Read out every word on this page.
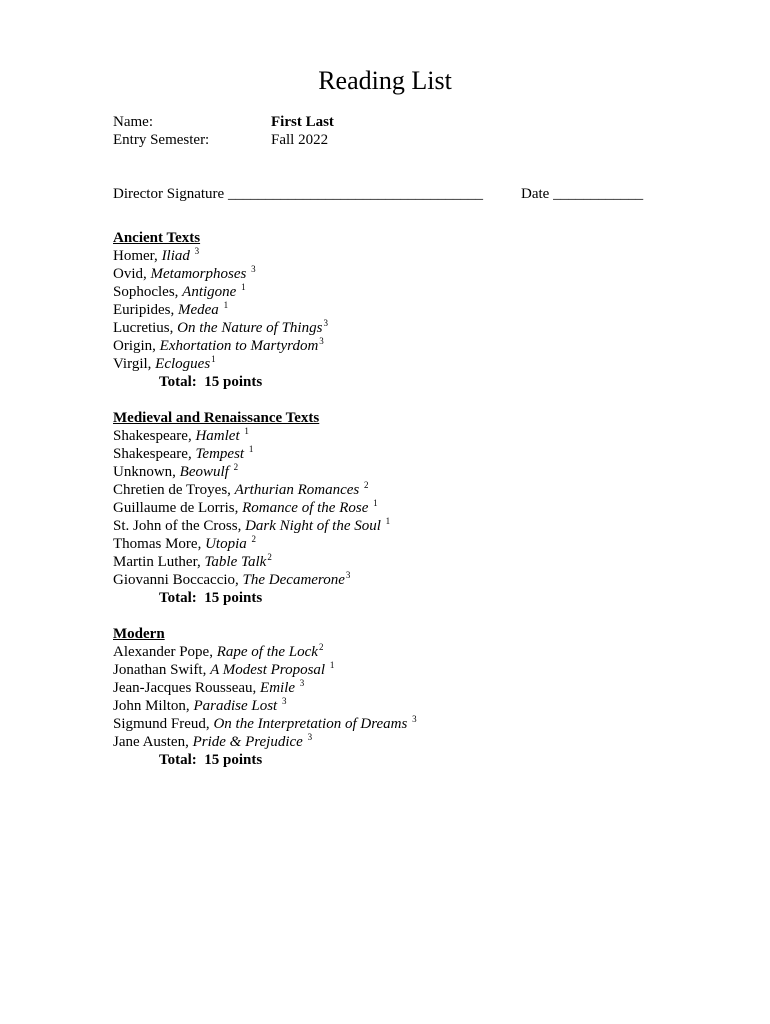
Reading List
Name:	First Last
Entry Semester:	Fall 2022
Director Signature __________________________________	Date ____________
Ancient Texts
Homer, Iliad $^3$
Ovid, Metamorphoses $^3$
Sophocles, Antigone $^1$
Euripides, Medea $^1$
Lucretius, On the Nature of Things$^3$
Origin, Exhortation to Martyrdom$^3$
Virgil, Eclogues$^1$
Total:  15 points
Medieval and Renaissance Texts
Shakespeare, Hamlet $^1$
Shakespeare, Tempest $^1$
Unknown, Beowulf $^2$
Chretien de Troyes, Arthurian Romances $^2$
Guillaume de Lorris, Romance of the Rose $^1$
St. John of the Cross, Dark Night of the Soul $^1$
Thomas More, Utopia $^2$
Martin Luther, Table Talk$^2$
Giovanni Boccaccio, The Decamerone$^3$
Total:  15 points
Modern
Alexander Pope, Rape of the Lock$^2$
Jonathan Swift, A Modest Proposal $^1$
Jean-Jacques Rousseau, Emile $^3$
John Milton, Paradise Lost $^3$
Sigmund Freud, On the Interpretation of Dreams $^3$
Jane Austen, Pride & Prejudice $^3$
Total:  15 points
